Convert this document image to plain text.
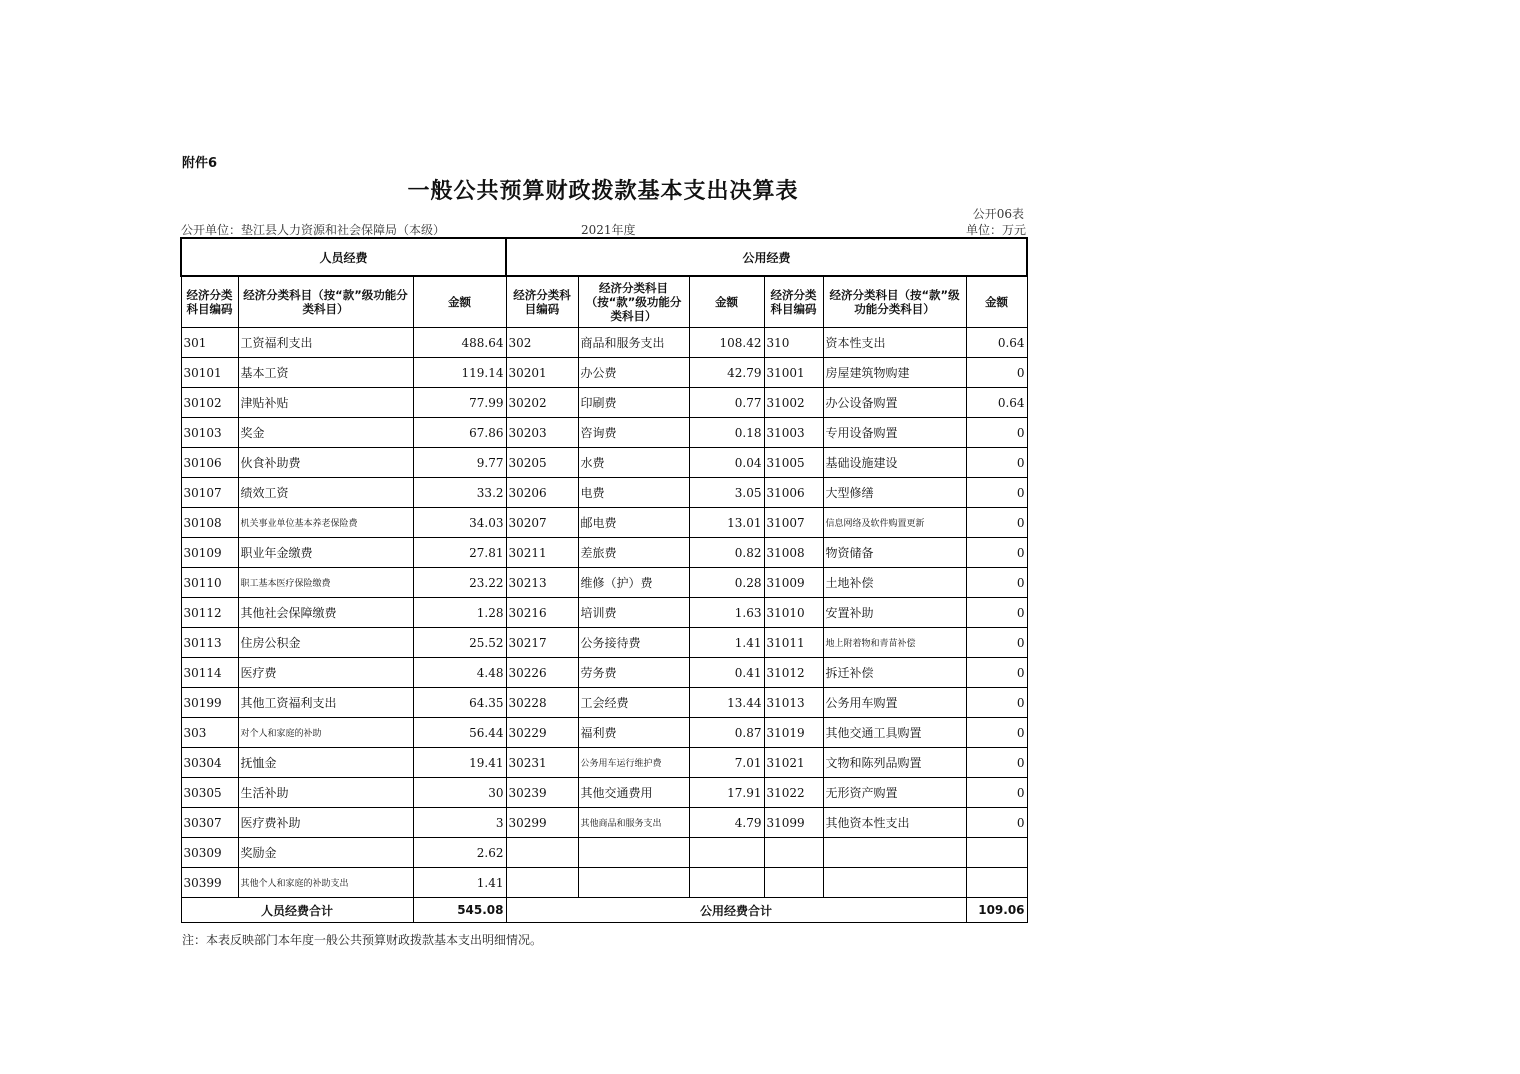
附件6
一般公共预算财政拨款基本支出决算表
公开06表
公开单位：垫江县人力资源和社会保障局（本级）	2021年度	单位：万元
人员经费			公用经费					
经济分类科目编码	经济分类科目（按“款”级功能分类科目）	金额	经济分类科目编码	经济分类科目（按“款”级功能分类科目）	金额	经济分类科目编码	经济分类科目（按“款”级功能分类科目）	金额
301	工资福利支出	488.64	302	商品和服务支出	108.42	310	资本性支出	0.64
30101	基本工资	119.14	30201	办公费	42.79	31001	房屋建筑物购建	0
30102	津贴补贴	77.99	30202	印刷费	0.77	31002	办公设备购置	0.64
30103	奖金	67.86	30203	咨询费	0.18	31003	专用设备购置	0
30106	伙食补助费	9.77	30205	水费	0.04	31005	基础设施建设	0
30107	绩效工资	33.2	30206	电费	3.05	31006	大型修缮	0
30108	机关事业单位基本养老保险费	34.03	30207	邮电费	13.01	31007	信息网络及软件购置更新	0
30109	职业年金缴费	27.81	30211	差旅费	0.82	31008	物资储备	0
30110	职工基本医疗保险缴费	23.22	30213	维修（护）费	0.28	31009	土地补偿	0
30112	其他社会保障缴费	1.28	30216	培训费	1.63	31010	安置补助	0
30113	住房公积金	25.52	30217	公务接待费	1.41	31011	地上附着物和青苗补偿	0
30114	医疗费	4.48	30226	劳务费	0.41	31012	拆迁补偿	0
30199	其他工资福利支出	64.35	30228	工会经费	13.44	31013	公务用车购置	0
303	对个人和家庭的补助	56.44	30229	福利费	0.87	31019	其他交通工具购置	0
30304	抚恤金	19.41	30231	公务用车运行维护费	7.01	31021	文物和陈列品购置	0
30305	生活补助	30	30239	其他交通费用	17.91	31022	无形资产购置	0
30307	医疗费补助	3	30299	其他商品和服务支出	4.79	31099	其他资本性支出	0
30309	奖励金	2.62						
30399	其他个人和家庭的补助支出	1.41						
人员经费合计		545.08	公用经费合计					109.06
注：本表反映部门本年度一般公共预算财政拨款基本支出明细情况。
